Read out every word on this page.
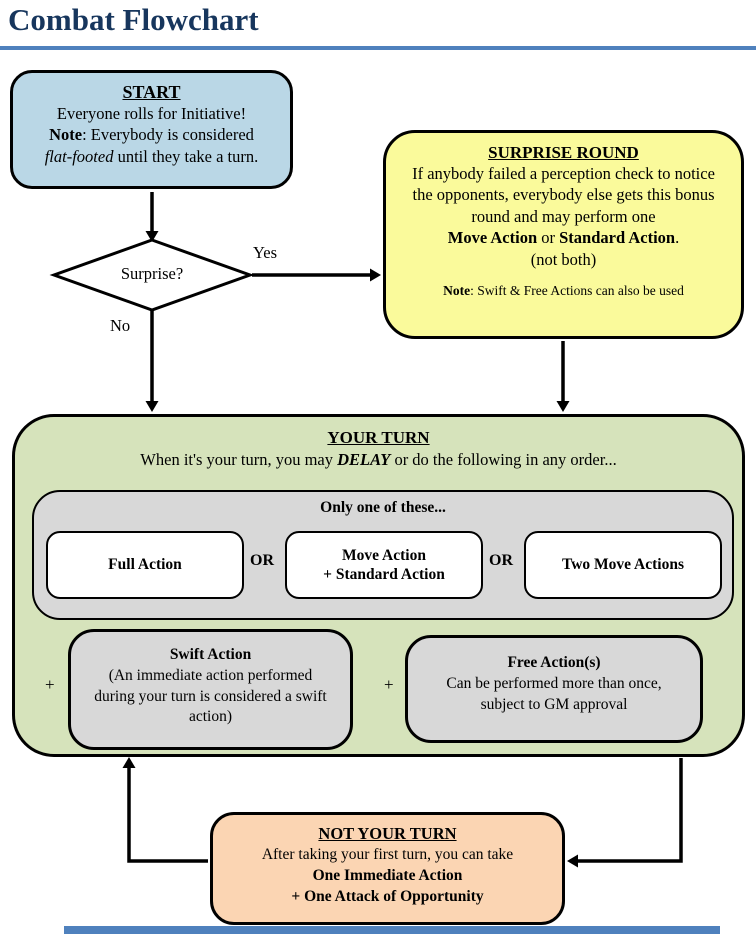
Combat Flowchart
START
Everyone rolls for Initiative!
Note: Everybody is considered
flat-footed until they take a turn.
Surprise?
Yes
No
SURPRISE ROUND
If anybody failed a perception check to notice the opponents, everybody else gets this bonus round and may perform one
Move Action or Standard Action.
(not both)
Note: Swift & Free Actions can also be used
YOUR TURN
When it's your turn, you may DELAY or do the following in any order...
Only one of these...
Full Action	OR	Move Action
+ Standard Action
OR	Two Move Actions
+
Swift Action
(An immediate action performed during your turn is considered a swift action)
+
Free Action(s)
Can be performed more than once, subject to GM approval
NOT YOUR TURN
After taking your first turn, you can take
One Immediate Action
+ One Attack of Opportunity
